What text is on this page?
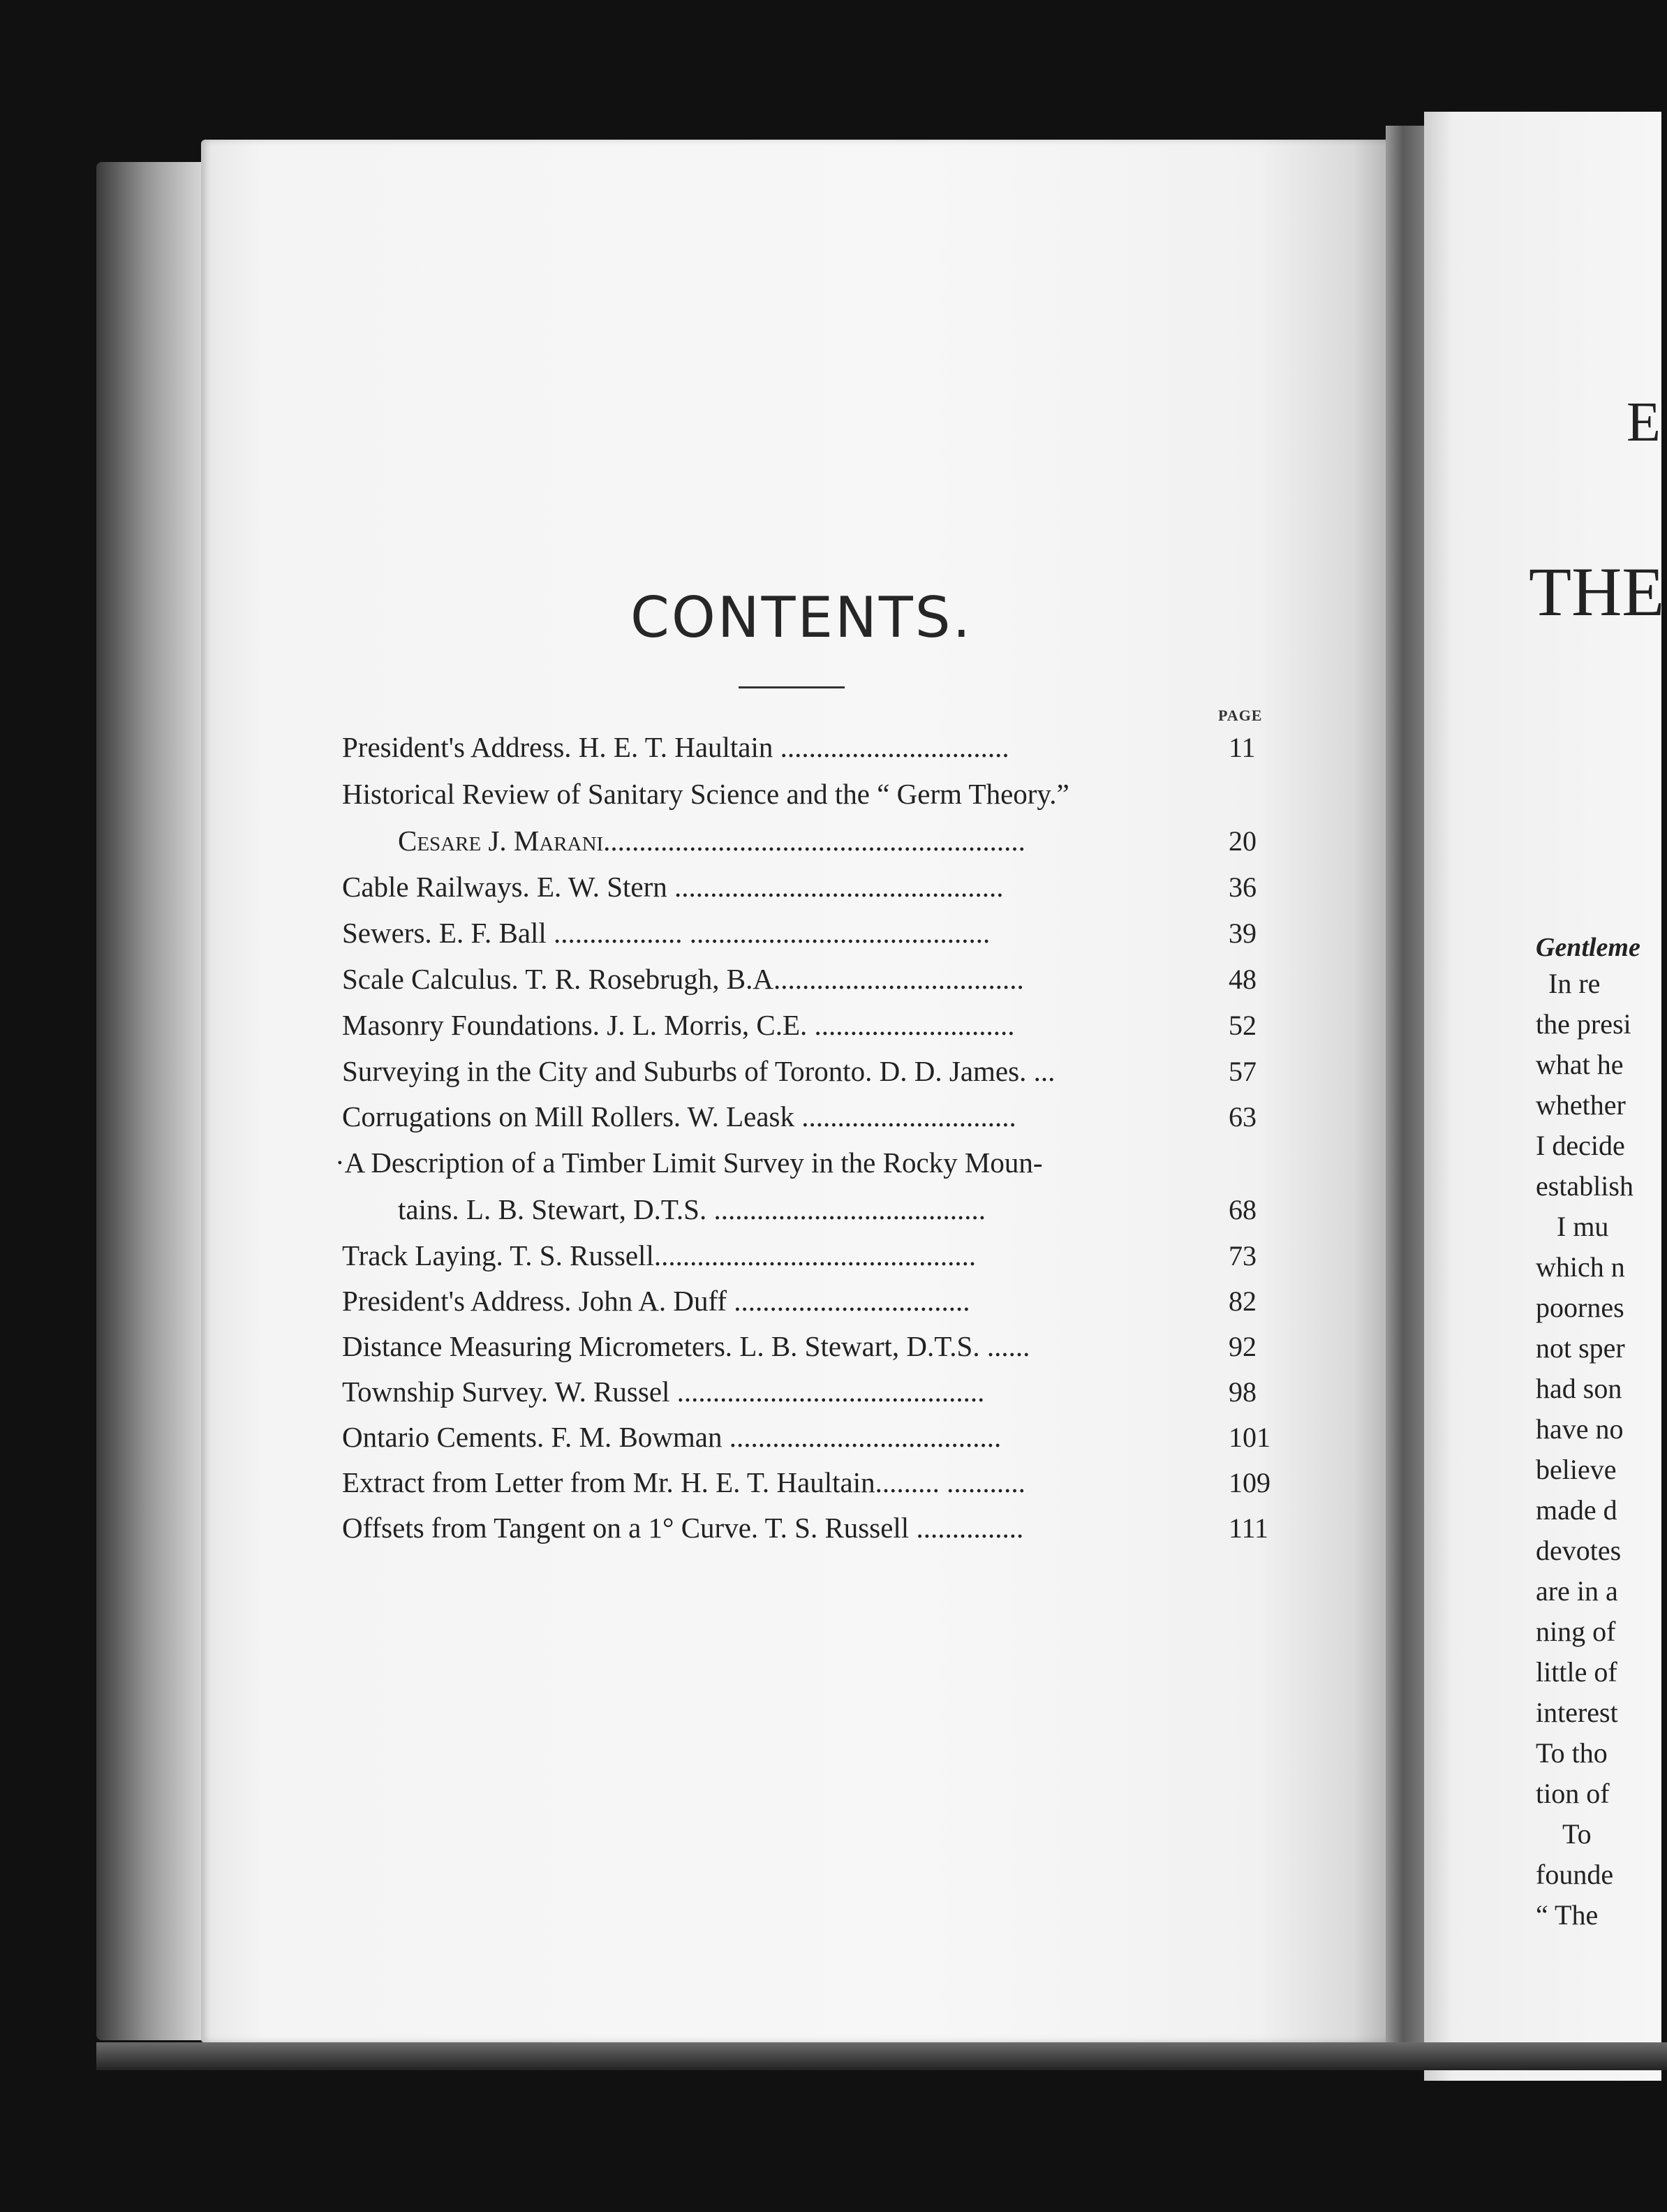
CONTENTS.
PAGE
President's Address. H. E. T. Haultain ................................	11
Historical Review of Sanitary Science and the “ Germ Theory.”
Cesare J. Marani...........................................................	20
Cable Railways. E. W. Stern ..............................................	36
Sewers. E. F. Ball .................. ..........................................	39
Scale Calculus. T. R. Rosebrugh, B.A...................................	48
Masonry Foundations. J. L. Morris, C.E. ............................	52
Surveying in the City and Suburbs of Toronto. D. D. James. ...	57
Corrugations on Mill Rollers. W. Leask ..............................	63
·A Description of a Timber Limit Survey in the Rocky Moun-
tains. L. B. Stewart, D.T.S. ......................................	68
Track Laying. T. S. Russell.............................................	73
President's Address. John A. Duff .................................	82
Distance Measuring Micrometers. L. B. Stewart, D.T.S. ......	92
Township Survey. W. Russel ...........................................	98
Ontario Cements. F. M. Bowman ......................................	101
Extract from Letter from Mr. H. E. T. Haultain......... ...........	109
Offsets from Tangent on a 1° Curve. T. S. Russell ...............	111
E
THE
Gentleme
In re
the presi
what he
whether
I decide
establish
I mu
which n
poornes
not sper
had son
have no
believe
made d
devotes
are in a
ning of
little of
interest
To tho
tion of
To
founde
“ The
